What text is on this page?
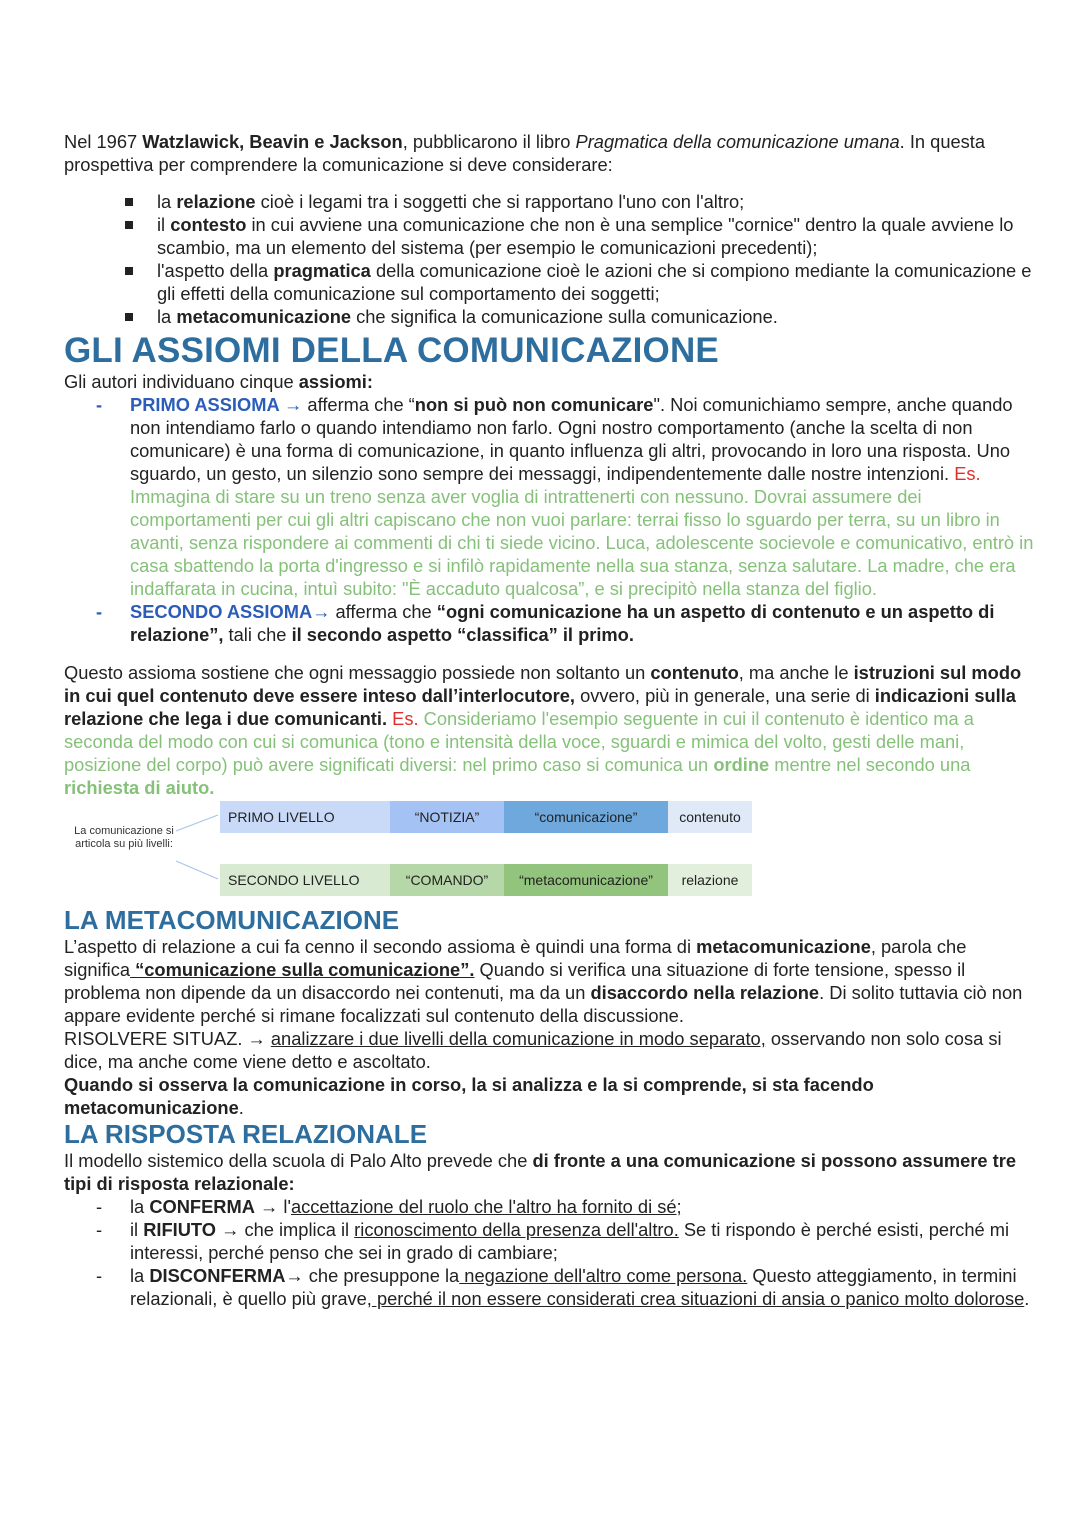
Nel 1967 Watzlawick, Beavin e Jackson, pubblicarono il libro Pragmatica della comunicazione umana. In questa prospettiva per comprendere la comunicazione si deve considerare:

la relazione cioè i legami tra i soggetti che si rapportano l'uno con l'altro;
il contesto in cui avviene una comunicazione che non è una semplice "cornice" dentro la quale avviene lo scambio, ma un elemento del sistema (per esempio le comunicazioni precedenti);
l'aspetto della pragmatica della comunicazione cioè le azioni che si compiono mediante la comunicazione e gli effetti della comunicazione sul comportamento dei soggetti;
la metacomunicazione che significa la comunicazione sulla comunicazione.
GLI ASSIOMI DELLA COMUNICAZIONE

Gli autori individuano cinque assiomi:

- PRIMO ASSIOMA → afferma che “non si può non comunicare". Noi comunichiamo sempre, anche quando non intendiamo farlo o quando intendiamo non farlo. Ogni nostro comportamento (anche la scelta di non comunicare) è una forma di comunicazione, in quanto influenza gli altri, provocando in loro una risposta. Uno sguardo, un gesto, un silenzio sono sempre dei messaggi, indipendentemente dalle nostre intenzioni. Es. Immagina di stare su un treno senza aver voglia di intrattenerti con nessuno. Dovrai assumere dei comportamenti per cui gli altri capiscano che non vuoi parlare: terrai fisso lo sguardo per terra, su un libro in avanti, senza rispondere ai commenti di chi ti siede vicino. Luca, adolescente socievole e comunicativo, entrò in casa sbattendo la porta d'ingresso e si infilò rapidamente nella sua stanza, senza salutare. La madre, che era indaffarata in cucina, intuì subito: "È accaduto qualcosa”, e si precipitò nella stanza del figlio.
- SECONDO ASSIOMA→ afferma che “ogni comunicazione ha un aspetto di contenuto e un aspetto di relazione”, tali che il secondo aspetto “classifica” il primo.

Questo assioma sostiene che ogni messaggio possiede non soltanto un contenuto, ma anche le istruzioni sul modo in cui quel contenuto deve essere inteso dall’interlocutore, ovvero, più in generale, una serie di indicazioni sulla relazione che lega i due comunicanti. Es. Consideriamo l'esempio seguente in cui il contenuto è identico ma a seconda del modo con cui si comunica (tono e intensità della voce, sguardi e mimica del volto, gesti delle mani, posizione del corpo) può avere significati diversi: nel primo caso si comunica un ordine mentre nel secondo una richiesta di aiuto.

La comunicazione si articola su più livelli:
PRIMO LIVELLO	“NOTIZIA”	“comunicazione”	contenuto
SECONDO LIVELLO	“COMANDO”	“metacomunicazione”	relazione
LA METACOMUNICAZIONE

L’aspetto di relazione a cui fa cenno il secondo assioma è quindi una forma di metacomunicazione, parola che significa “comunicazione sulla comunicazione”. Quando si verifica una situazione di forte tensione, spesso il problema non dipende da un disaccordo nei contenuti, ma da un disaccordo nella relazione. Di solito tuttavia ciò non appare evidente perché si rimane focalizzati sul contenuto della discussione.
RISOLVERE SITUAZ. → analizzare i due livelli della comunicazione in modo separato, osservando non solo cosa si dice, ma anche come viene detto e ascoltato.
Quando si osserva la comunicazione in corso, la si analizza e la si comprende, si sta facendo metacomunicazione.

LA RISPOSTA RELAZIONALE

Il modello sistemico della scuola di Palo Alto prevede che di fronte a una comunicazione si possono assumere tre tipi di risposta relazionale:

- la CONFERMA → l'accettazione del ruolo che l'altro ha fornito di sé;
- il RIFIUTO → che implica il riconoscimento della presenza dell'altro. Se ti rispondo è perché esisti, perché mi interessi, perché penso che sei in grado di cambiare;
- la DISCONFERMA→ che presuppone la negazione dell'altro come persona. Questo atteggiamento, in termini relazionali, è quello più grave, perché il non essere considerati crea situazioni di ansia o panico molto dolorose.
